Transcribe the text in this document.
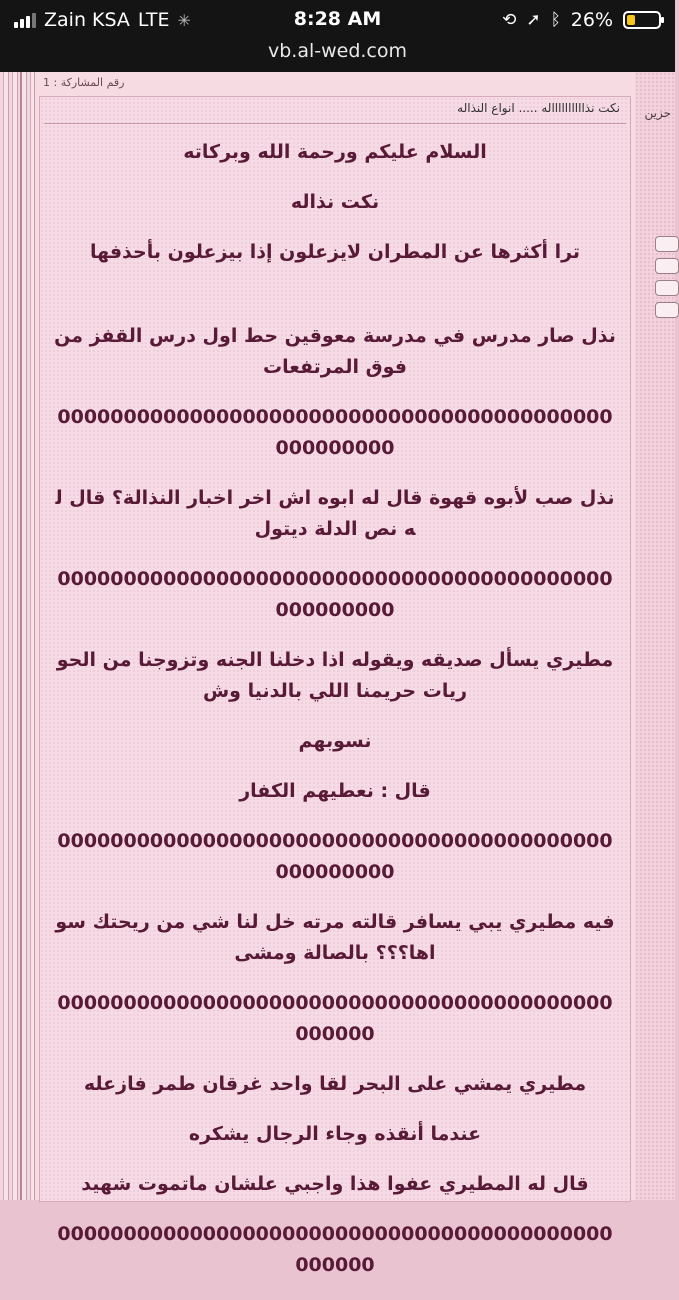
Zain KSA LTE ✳	8:28 AM	⟲ ➚ ᛒ 26%
vb.al-wed.com
رقم المشاركة : 1
نكت نذااااااااااله ..... انواع النذاله

السلام عليكم ورحمة الله وبركاته

نكت نذاله

ترا أكثرها عن المطران لايزعلون إذا بيزعلون بأحذفها

نذل صار مدرس في مدرسة معوقين حط اول درس القفز من فوق المرتفعات

000000000000000000000000000000000000000000000000000

نذل صب لأبوه قهوة قال له ابوه اش اخر اخبار النذالة؟ قال له نص الدلة ديتول

000000000000000000000000000000000000000000000000000

مطيري يسأل صديقه ويقوله اذا دخلنا الجنه وتزوجنا من الحوريات حريمنا اللي بالدنيا وش

نسوبهم

قال : نعطيهم الكفار

000000000000000000000000000000000000000000000000000

فيه مطيري يبي يسافر قالته مرته خل لنا شي من ريحتك سواها؟؟؟ بالصالة ومشى

000000000000000000000000000000000000000000000000

مطيري يمشي على البحر لقا واحد غرقان طمر فازعله

عندما أنقذه وجاء الرجال يشكره

قال له المطيري عفوا هذا واجبي علشان ماتموت شهيد

000000000000000000000000000000000000000000000000

حزين
